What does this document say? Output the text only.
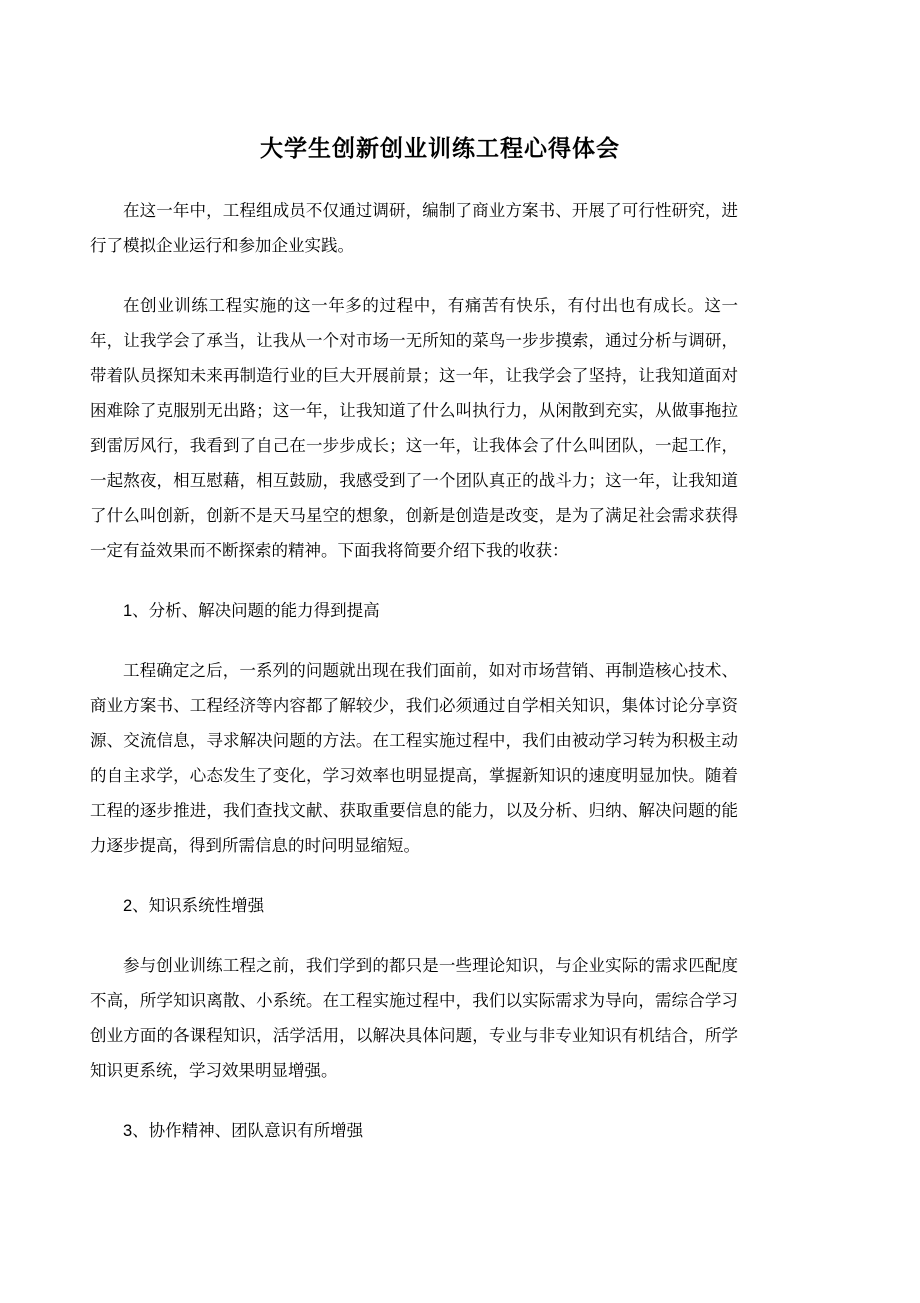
大学生创新创业训练工程心得体会

在这一年中，工程组成员不仅通过调研，编制了商业方案书、开展了可行性研究，进行了模拟企业运行和参加企业实践。

在创业训练工程实施的这一年多的过程中，有痛苦有快乐，有付出也有成长。这一年，让我学会了承当，让我从一个对市场一无所知的菜鸟一步步摸索，通过分析与调研，带着队员探知未来再制造行业的巨大开展前景；这一年，让我学会了坚持，让我知道面对困难除了克服别无出路；这一年，让我知道了什么叫执行力，从闲散到充实，从做事拖拉到雷厉风行，我看到了自己在一步步成长；这一年，让我体会了什么叫团队，一起工作，一起熬夜，相互慰藉，相互鼓励，我感受到了一个团队真正的战斗力；这一年，让我知道了什么叫创新，创新不是天马星空的想象，创新是创造是改变，是为了满足社会需求获得一定有益效果而不断探索的精神。下面我将简要介绍下我的收获：

1、分析、解决问题的能力得到提高

工程确定之后，一系列的问题就出现在我们面前，如对市场营销、再制造核心技术、商业方案书、工程经济等内容都了解较少，我们必须通过自学相关知识，集体讨论分享资源、交流信息，寻求解决问题的方法。在工程实施过程中，我们由被动学习转为积极主动的自主求学，心态发生了变化，学习效率也明显提高，掌握新知识的速度明显加快。随着工程的逐步推进，我们查找文献、获取重要信息的能力，以及分析、归纳、解决问题的能力逐步提高，得到所需信息的时问明显缩短。

2、知识系统性增强

参与创业训练工程之前，我们学到的都只是一些理论知识，与企业实际的需求匹配度不高，所学知识离散、小系统。在工程实施过程中，我们以实际需求为导向，需综合学习创业方面的各课程知识，活学活用，以解决具体问题，专业与非专业知识有机结合，所学知识更系统，学习效果明显增强。

3、协作精神、团队意识有所增强
